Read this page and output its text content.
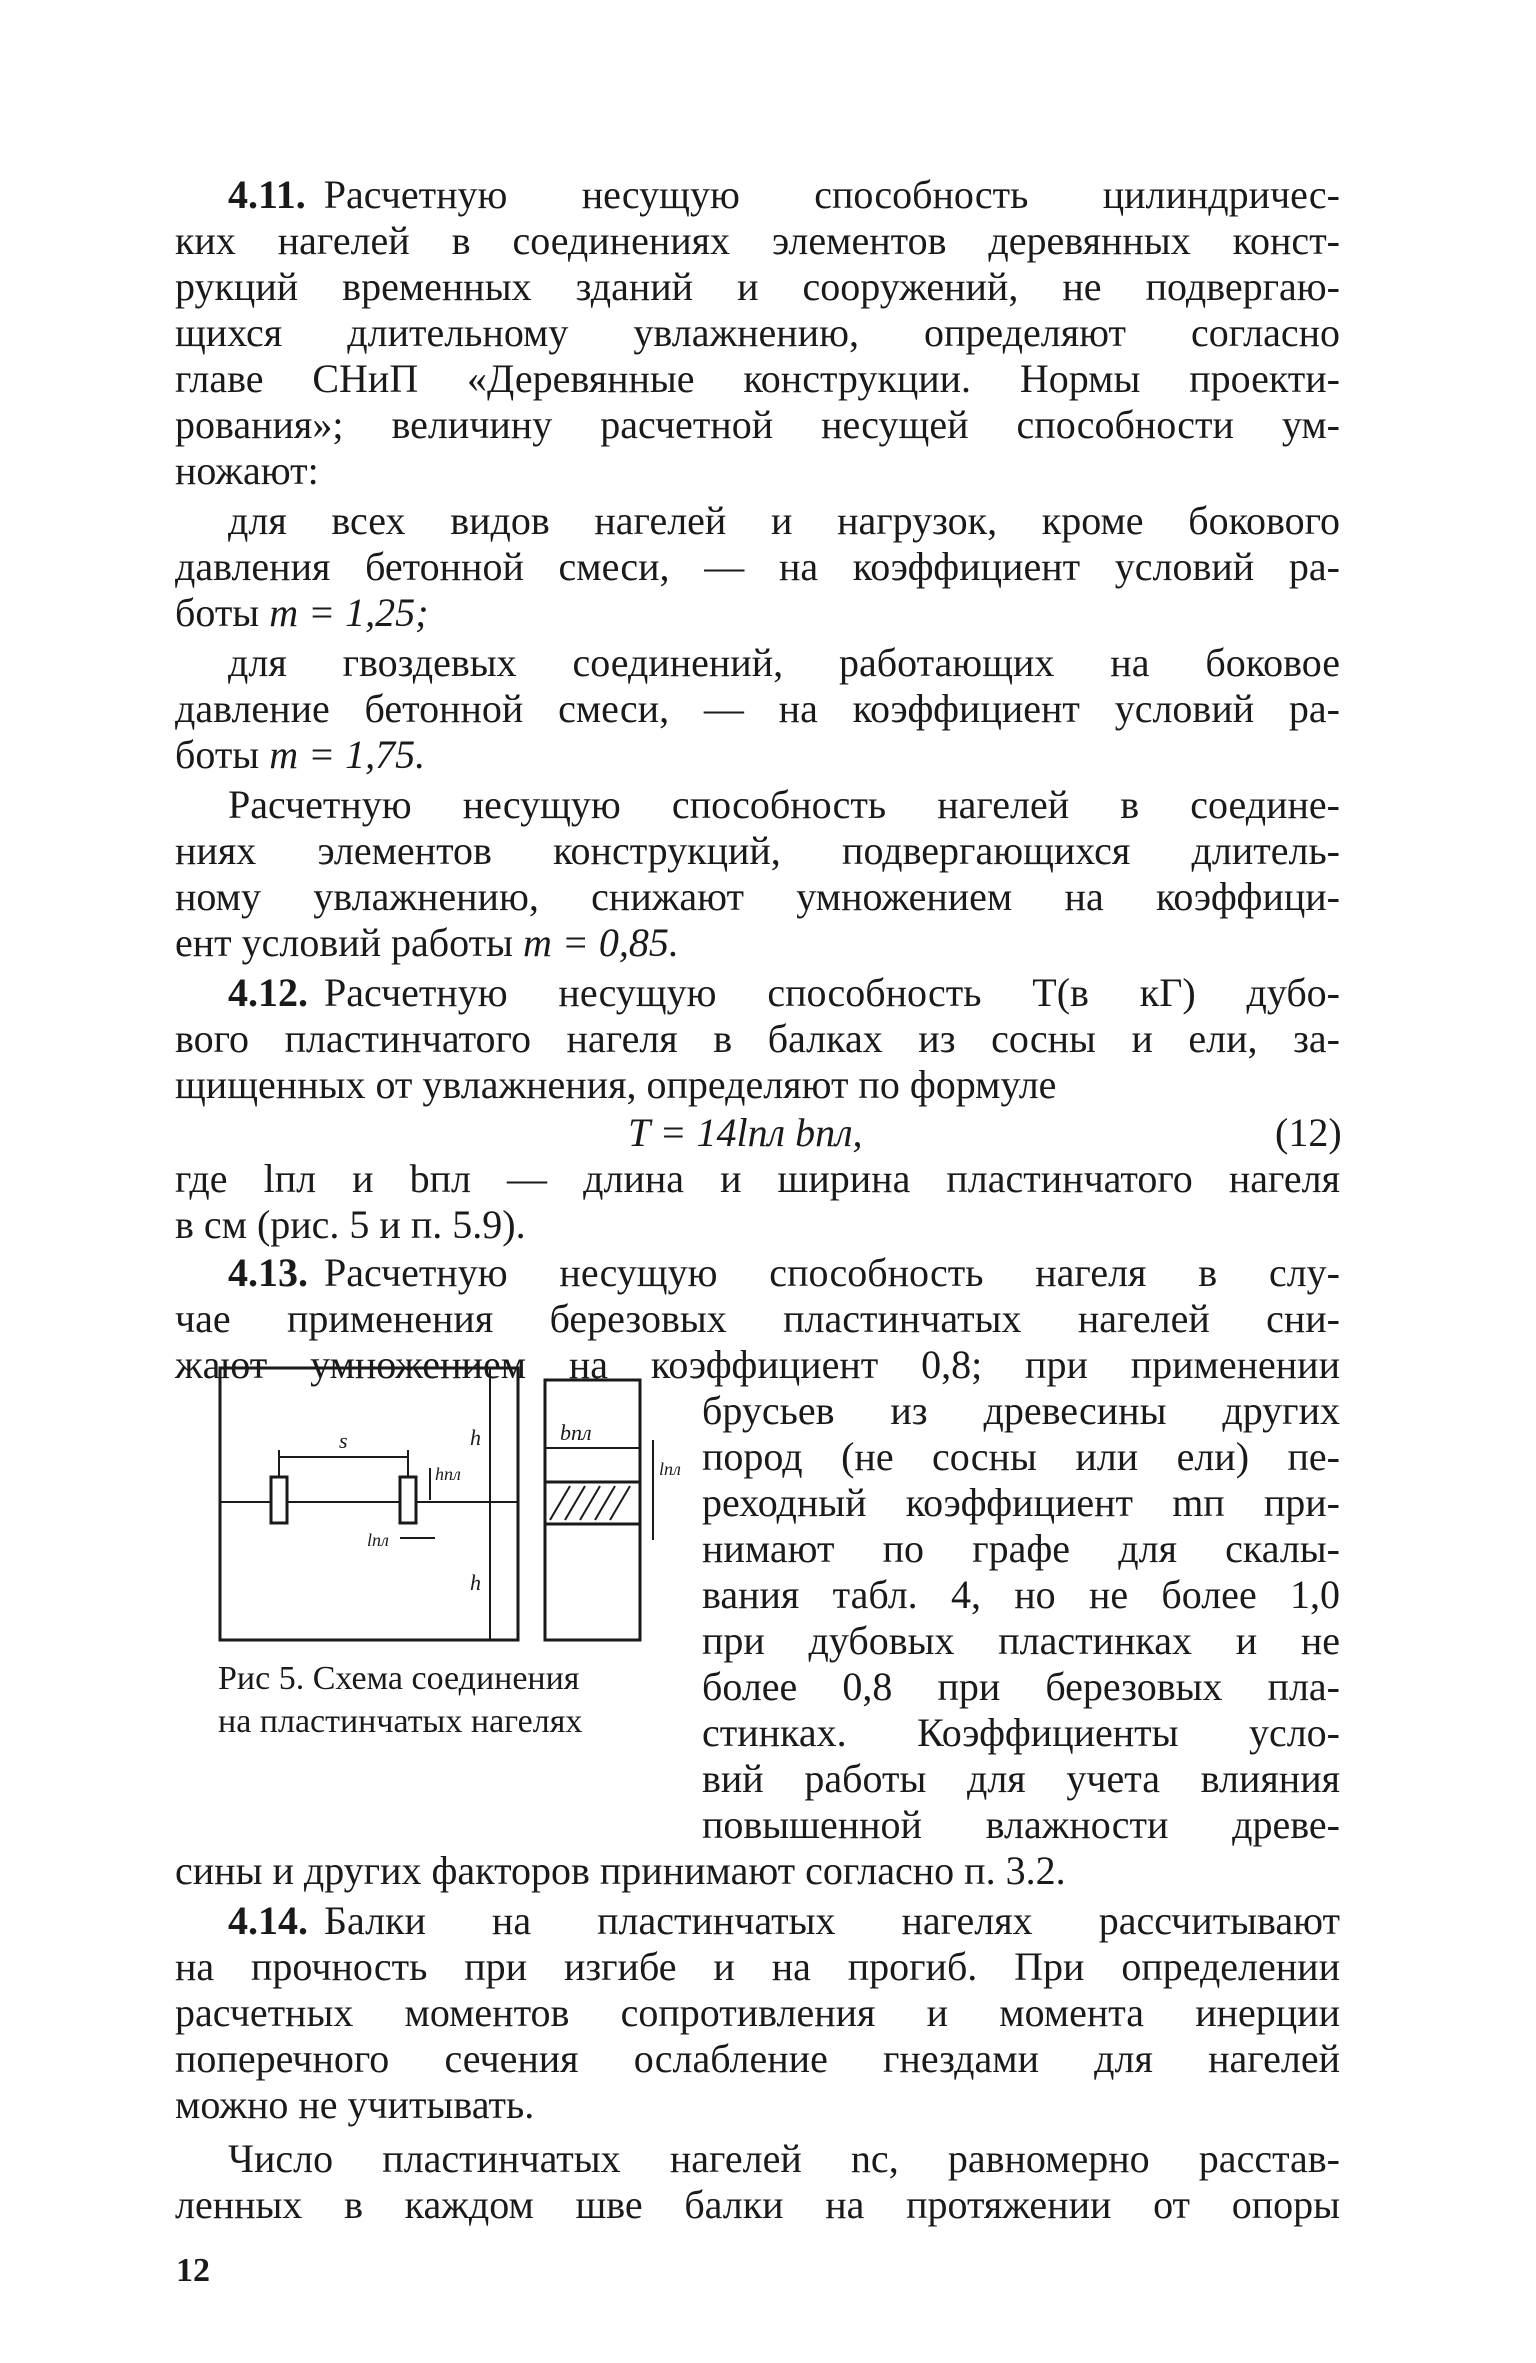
4.11. Расчетную несущую способность цилиндричес-
ких нагелей в соединениях элементов деревянных конст-
рукций временных зданий и сооружений, не подвергаю-
щихся длительному увлажнению, определяют согласно
главе СНиП «Деревянные конструкции. Нормы проекти-
рования»; величину расчетной несущей способности ум-
ножают:
для всех видов нагелей и нагрузок, кроме бокового
давления бетонной смеси, — на коэффициент условий ра-
боты m = 1,25;
для гвоздевых соединений, работающих на боковое
давление бетонной смеси, — на коэффициент условий ра-
боты m = 1,75.
Расчетную несущую способность нагелей в соедине-
ниях элементов конструкций, подвергающихся длитель-
ному увлажнению, снижают умножением на коэффици-
ент условий работы m = 0,85.
4.12. Расчетную несущую способность Т(в кГ) дубо-
вого пластинчатого нагеля в балках из сосны и ели, за-
щищенных от увлажнения, определяют по формуле
T = 14lпл bпл,	(12)
где lпл и bпл — длина и ширина пластинчатого нагеля
в см (рис. 5 и п. 5.9).
4.13. Расчетную несущую способность нагеля в слу-
чае применения березовых пластинчатых нагелей сни-
жают умножением на коэффициент 0,8; при применении
брусьев из древесины других
пород (не сосны или ели) пе-
реходный коэффициент mп при-
нимают по графе для скалы-
вания табл. 4, но не более 1,0
при дубовых пластинках и не
более 0,8 при березовых пла-
стинках. Коэффициенты усло-
вий работы для учета влияния
повышенной влажности древе-
сины и других факторов принимают согласно п. 3.2.
s	h
h
hпл
lпл
bпл
lпл
Рис 5. Схема соединения
на пластинчатых нагелях
4.14. Балки на пластинчатых нагелях рассчитывают
на прочность при изгибе и на прогиб. При определении
расчетных моментов сопротивления и момента инерции
поперечного сечения ослабление гнездами для нагелей
можно не учитывать.
Число пластинчатых нагелей nс, равномерно расстав-
ленных в каждом шве балки на протяжении от опоры
12
